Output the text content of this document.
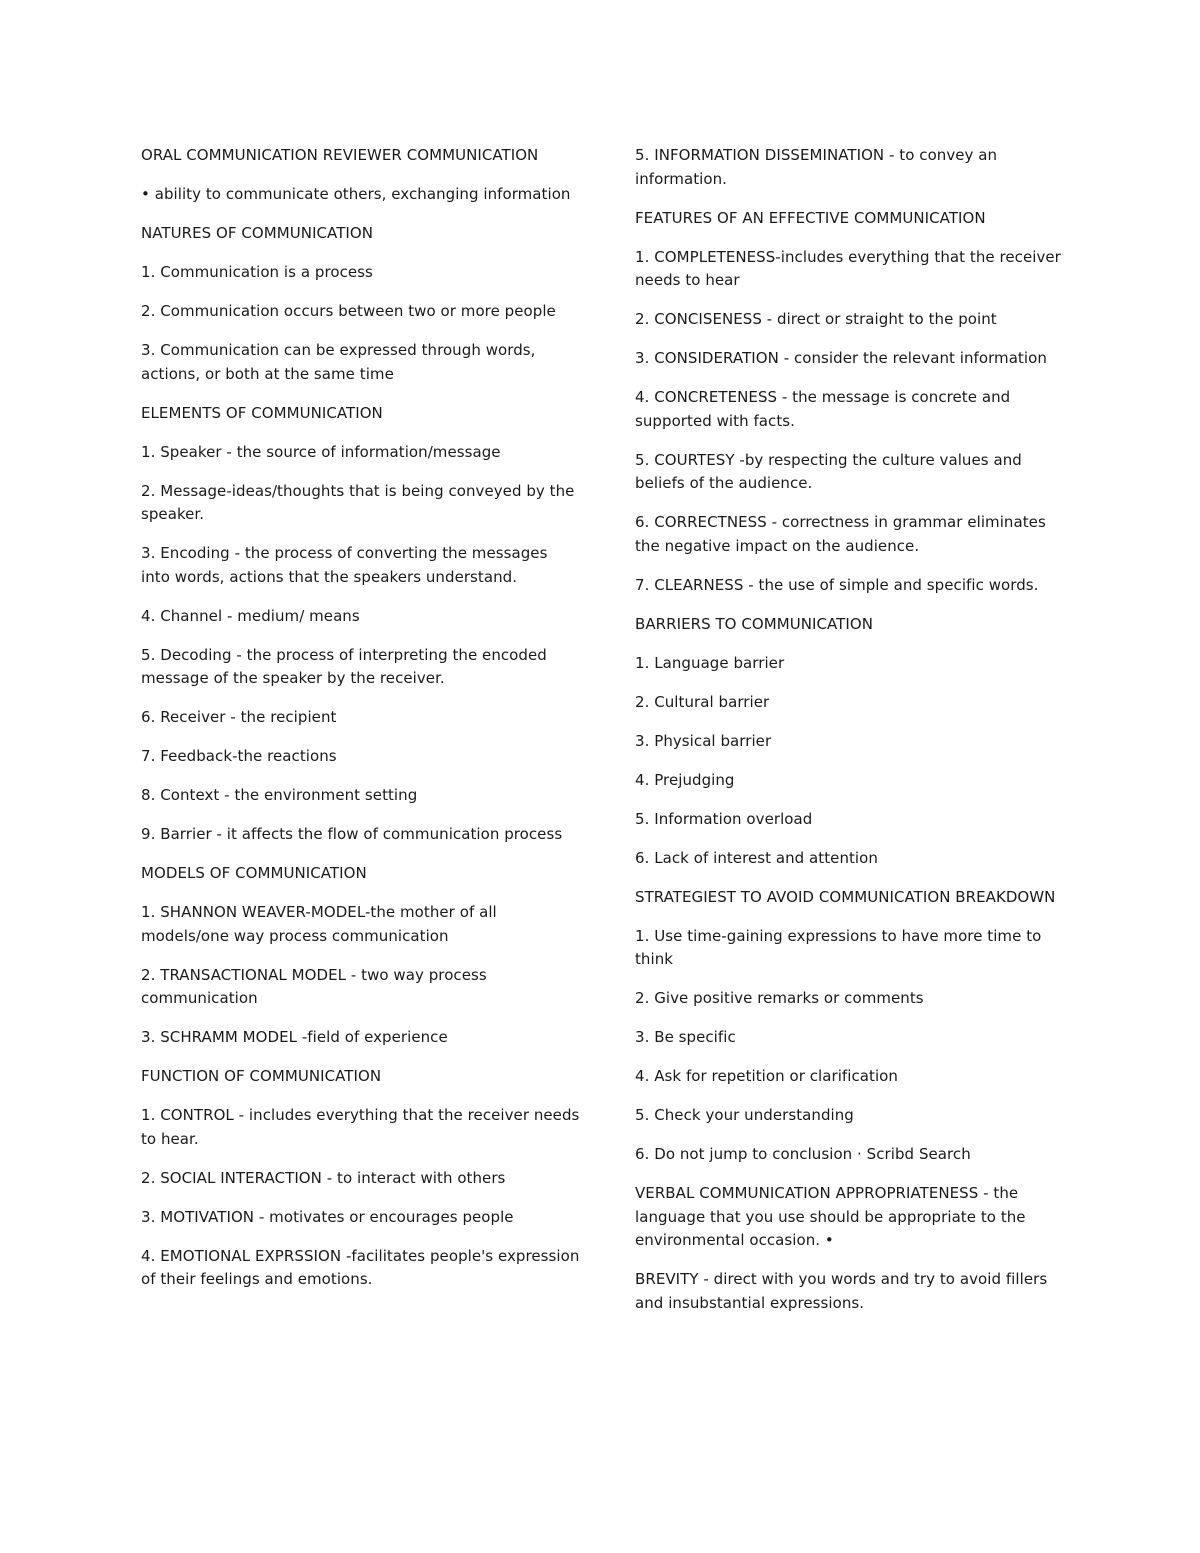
ORAL COMMUNICATION REVIEWER COMMUNICATION

• ability to communicate others, exchanging information

NATURES OF COMMUNICATION

1. Communication is a process

2. Communication occurs between two or more people

3. Communication can be expressed through words, actions, or both at the same time

ELEMENTS OF COMMUNICATION

1. Speaker - the source of information/message

2. Message-ideas/thoughts that is being conveyed by the speaker.

3. Encoding - the process of converting the messages into words, actions that the speakers understand.

4. Channel - medium/ means

5. Decoding - the process of interpreting the encoded message of the speaker by the receiver.

6. Receiver - the recipient

7. Feedback-the reactions

8. Context - the environment setting

9. Barrier - it affects the flow of communication process

MODELS OF COMMUNICATION

1. SHANNON WEAVER-MODEL-the mother of all models/one way process communication

2. TRANSACTIONAL MODEL - two way process communication

3. SCHRAMM MODEL -field of experience

FUNCTION OF COMMUNICATION

1. CONTROL - includes everything that the receiver needs to hear.

2. SOCIAL INTERACTION - to interact with others

3. MOTIVATION - motivates or encourages people

4. EMOTIONAL EXPRSSION -facilitates people's expression of their feelings and emotions.

5. INFORMATION DISSEMINATION - to convey an information.

FEATURES OF AN EFFECTIVE COMMUNICATION

1. COMPLETENESS-includes everything that the receiver needs to hear

2. CONCISENESS - direct or straight to the point

3. CONSIDERATION - consider the relevant information

4. CONCRETENESS - the message is concrete and supported with facts.

5. COURTESY -by respecting the culture values and beliefs of the audience.

6. CORRECTNESS - correctness in grammar eliminates the negative impact on the audience.

7. CLEARNESS - the use of simple and specific words.

BARRIERS TO COMMUNICATION

1. Language barrier

2. Cultural barrier

3. Physical barrier

4. Prejudging

5. Information overload

6. Lack of interest and attention

STRATEGIEST TO AVOID COMMUNICATION BREAKDOWN

1. Use time-gaining expressions to have more time to think

2. Give positive remarks or comments

3. Be specific

4. Ask for repetition or clarification

5. Check your understanding

6. Do not jump to conclusion · Scribd Search

VERBAL COMMUNICATION APPROPRIATENESS - the language that you use should be appropriate to the environmental occasion. •

BREVITY - direct with you words and try to avoid fillers and insubstantial expressions.
